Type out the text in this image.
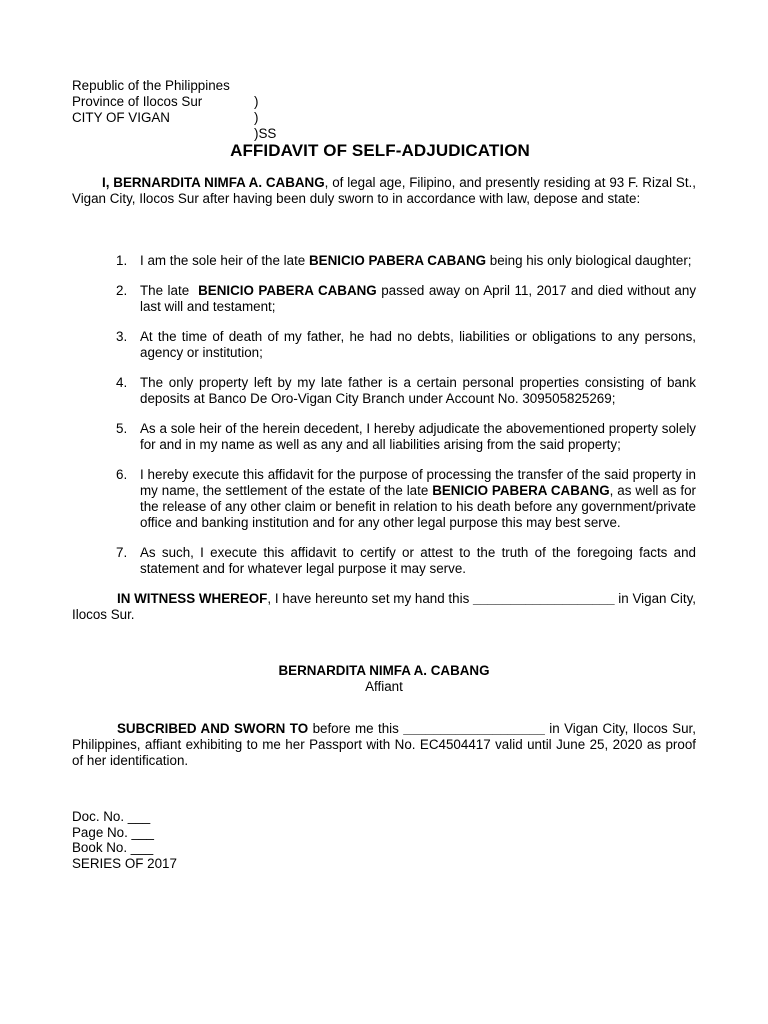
Republic of the Philippines

)

Province of Ilocos Sur

)

CITY OF VIGAN

)SS

AFFIDAVIT OF SELF-ADJUDICATION

I, BERNARDITA NIMFA A. CABANG, of legal age, Filipino, and presently residing at 93 F. Rizal St., Vigan City, Ilocos Sur after having been duly sworn to in accordance with law, depose and state:

1. I am the sole heir of the late BENICIO PABERA CABANG being his only biological daughter;
2. The late  BENICIO PABERA CABANG passed away on April 11, 2017 and died without any last will and testament;
3. At the time of death of my father, he had no debts, liabilities or obligations to any persons, agency or institution;
4. The only property left by my late father is a certain personal properties consisting of bank deposits at Banco De Oro-Vigan City Branch under Account No. 309505825269;
5. As a sole heir of the herein decedent, I hereby adjudicate the abovementioned property solely for and in my name as well as any and all liabilities arising from the said property;
6. I hereby execute this affidavit for the purpose of processing the transfer of the said property in my name, the settlement of the estate of the late BENICIO PABERA CABANG, as well as for the release of any other claim or benefit in relation to his death before any government/private office and banking institution and for any other legal purpose this may best serve.
7. As such, I execute this affidavit to certify or attest to the truth of the foregoing facts and statement and for whatever legal purpose it may serve.

IN WITNESS WHEREOF, I have hereunto set my hand this ___________________ in Vigan City, Ilocos Sur.

BERNARDITA NIMFA A. CABANG
Affiant

SUBCRIBED AND SWORN TO before me this ___________________ in Vigan City, Ilocos Sur, Philippines, affiant exhibiting to me her Passport with No. EC4504417 valid until June 25, 2020 as proof of her identification.

Doc. No. ___
Page No. ___
Book No. ___
SERIES OF 2017
